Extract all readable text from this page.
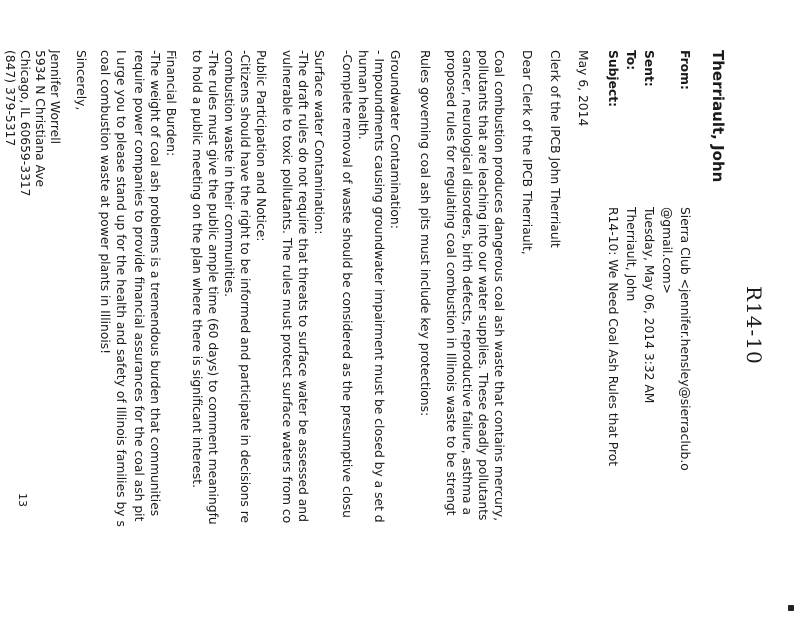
R14-10

Therriault, John

From:
Sierra Club <jennifer.hensley@sierraclub.o
@gmail.com>
Sent:
Tuesday, May 06, 2014 3:32 AM
To:
Therriault, John
Subject:
R14-10: We Need Coal Ash Rules that Prot

May 6, 2014

Clerk of the IPCB John Therriault

Dear Clerk of the IPCB Therriault,

Coal combustion produces dangerous coal ash waste that contains mercury,
pollutants that are leaching into our water supplies. These deadly pollutants
cancer, neurological disorders, birth defects, reproductive failure, asthma a
proposed rules for regulating coal combustion in Illinois waste to be strengt

Rules governing coal ash pits must include key protections:

Groundwater Contamination:
- Impoundments causing groundwater impairment must be closed by a set d
human health.
-Complete removal of waste should be considered as the presumptive closu

Surface water Contamination:
-The draft rules do not require that threats to surface water be assessed and
vulnerable to toxic pollutants. The rules must protect surface waters from co

Public Participation and Notice:
-Citizens should have the right to be informed and participate in decisions re
combustion waste in their communities.
-The rules must give the public ample time (60 days) to comment meaningfu
to hold a public meeting on the plan where there is significant interest.

Financial Burden:
-The weight of coal ash problems is a tremendous burden that communities
require power companies to provide financial assurances for the coal ash pit

I urge you to please stand up for the health and safety of Illinois families by s
coal combustion waste at power plants in Illinois!

Sincerely,

Jennifer Worrell
5934 N Christiana Ave
Chicago, IL 60659-3317
(847) 379-5317

13
